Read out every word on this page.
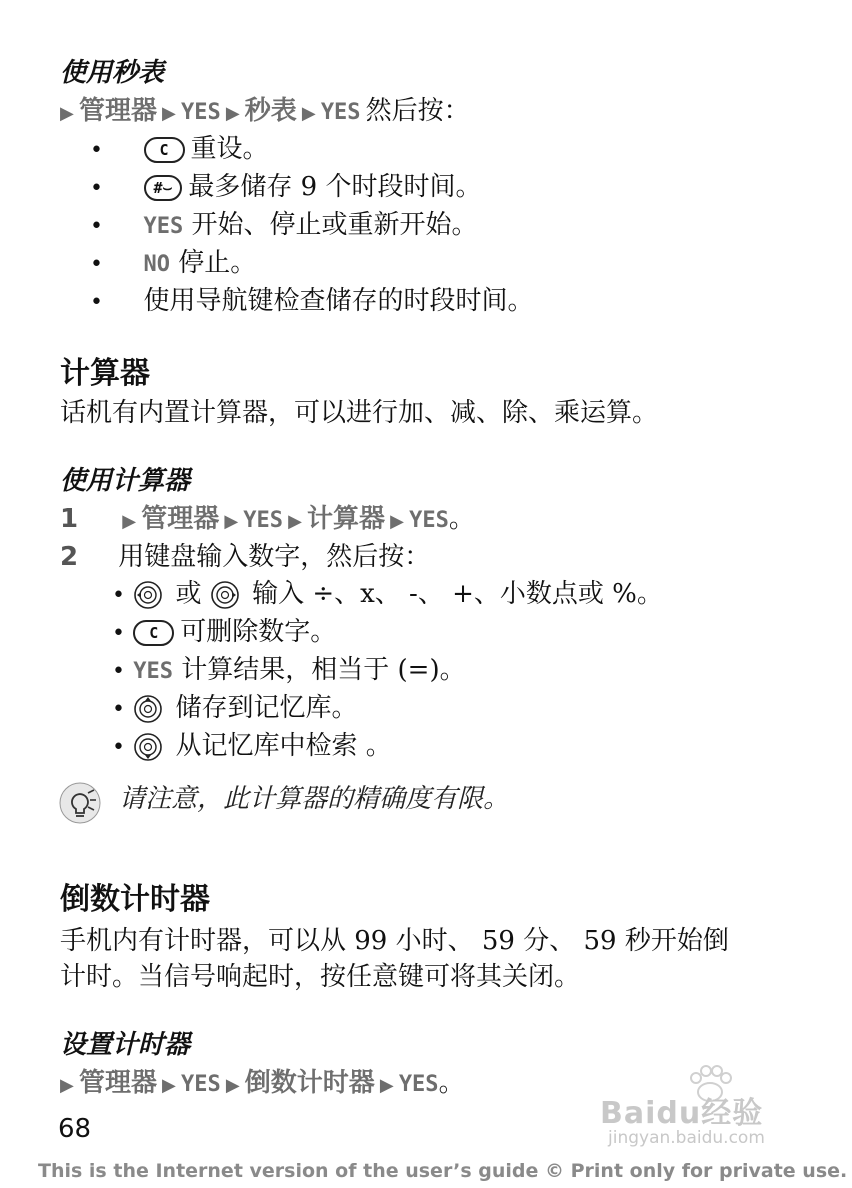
使用秒表
▶ 管理器 ▶ YES ▶ 秒表 ▶ YES 然后按：
•	C 重设。
•	#⌣ 最多储存 9 个时段时间。
• YES 开始、停止或重新开始。
• NO 停止。
• 使用导航键检查储存的时段时间。
计算器
话机有内置计算器，可以进行加、减、除、乘运算。
使用计算器
1 ▶ 管理器 ▶ YES ▶ 计算器 ▶ YES。
2 用键盘输入数字，然后按：
• 或 输入 ÷、x、 -、 +、小数点或 %。
• C 可删除数字。
• YES 计算结果，相当于 (=)。
• 储存到记忆库。
• 从记忆库中检索 。
请注意，此计算器的精确度有限。
倒数计时器
手机内有计时器，可以从 99 小时、 59 分、 59 秒开始倒
计时。当信号响起时，按任意键可将其关闭。
设置计时器
▶ 管理器 ▶ YES ▶ 倒数计时器 ▶ YES。
68	Baidu经验
jingyan.baidu.com
This is the Internet version of the user’s guide © Print only for private use.
